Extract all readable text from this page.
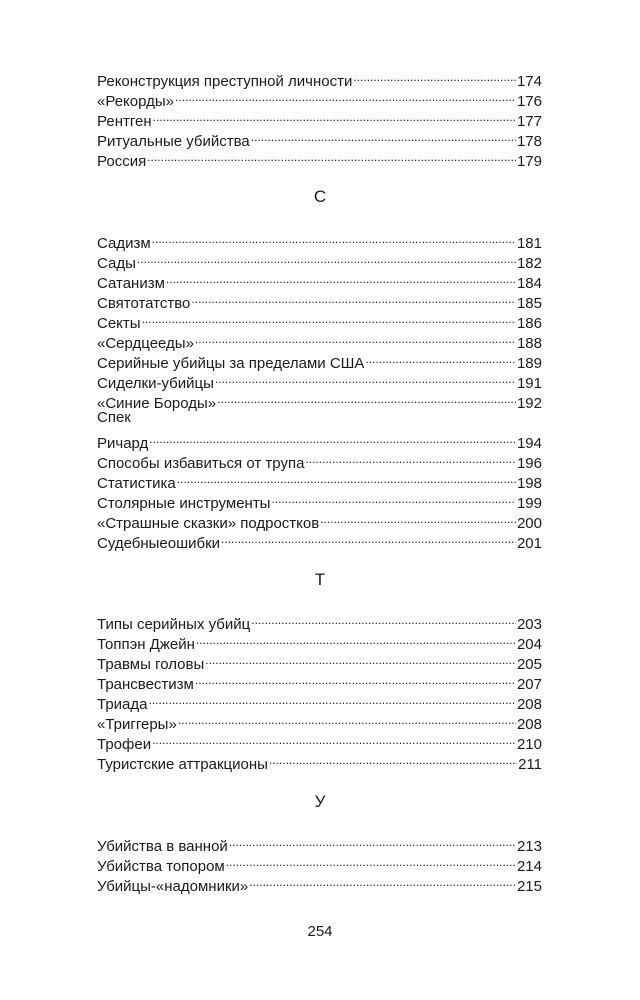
Реконструкция преступной личности .....	174
«Рекорды» .....	176
Рентген .....	177
Ритуальные убийства .....	178
Россия .....	179
С
Садизм .....	181
Сады .....	182
Сатанизм .....	184
Святотатство .....	185
Секты .....	186
«Сердцееды» .....	188
Серийные убийцы за пределами США .....	189
Сиделки-убийцы .....	191
«Синие Бороды» .....	192
Спек
Ричард .....	194
Способы избавиться от трупа .....	196
Статистика .....	198
Столярные инструменты .....	199
«Страшные сказки» подростков .....	200
Судебныеошибки .....	201
Т
Типы серийных убийц .....	203
Топпэн Джейн .....	204
Травмы головы .....	205
Трансвестизм .....	207
Триада .....	208
«Триггеры» .....	208
Трофеи .....	210
Туристские аттракционы .....	211
У
Убийства в ванной .....	213
Убийства топором .....	214
Убийцы-«надомники» .....	215
254
